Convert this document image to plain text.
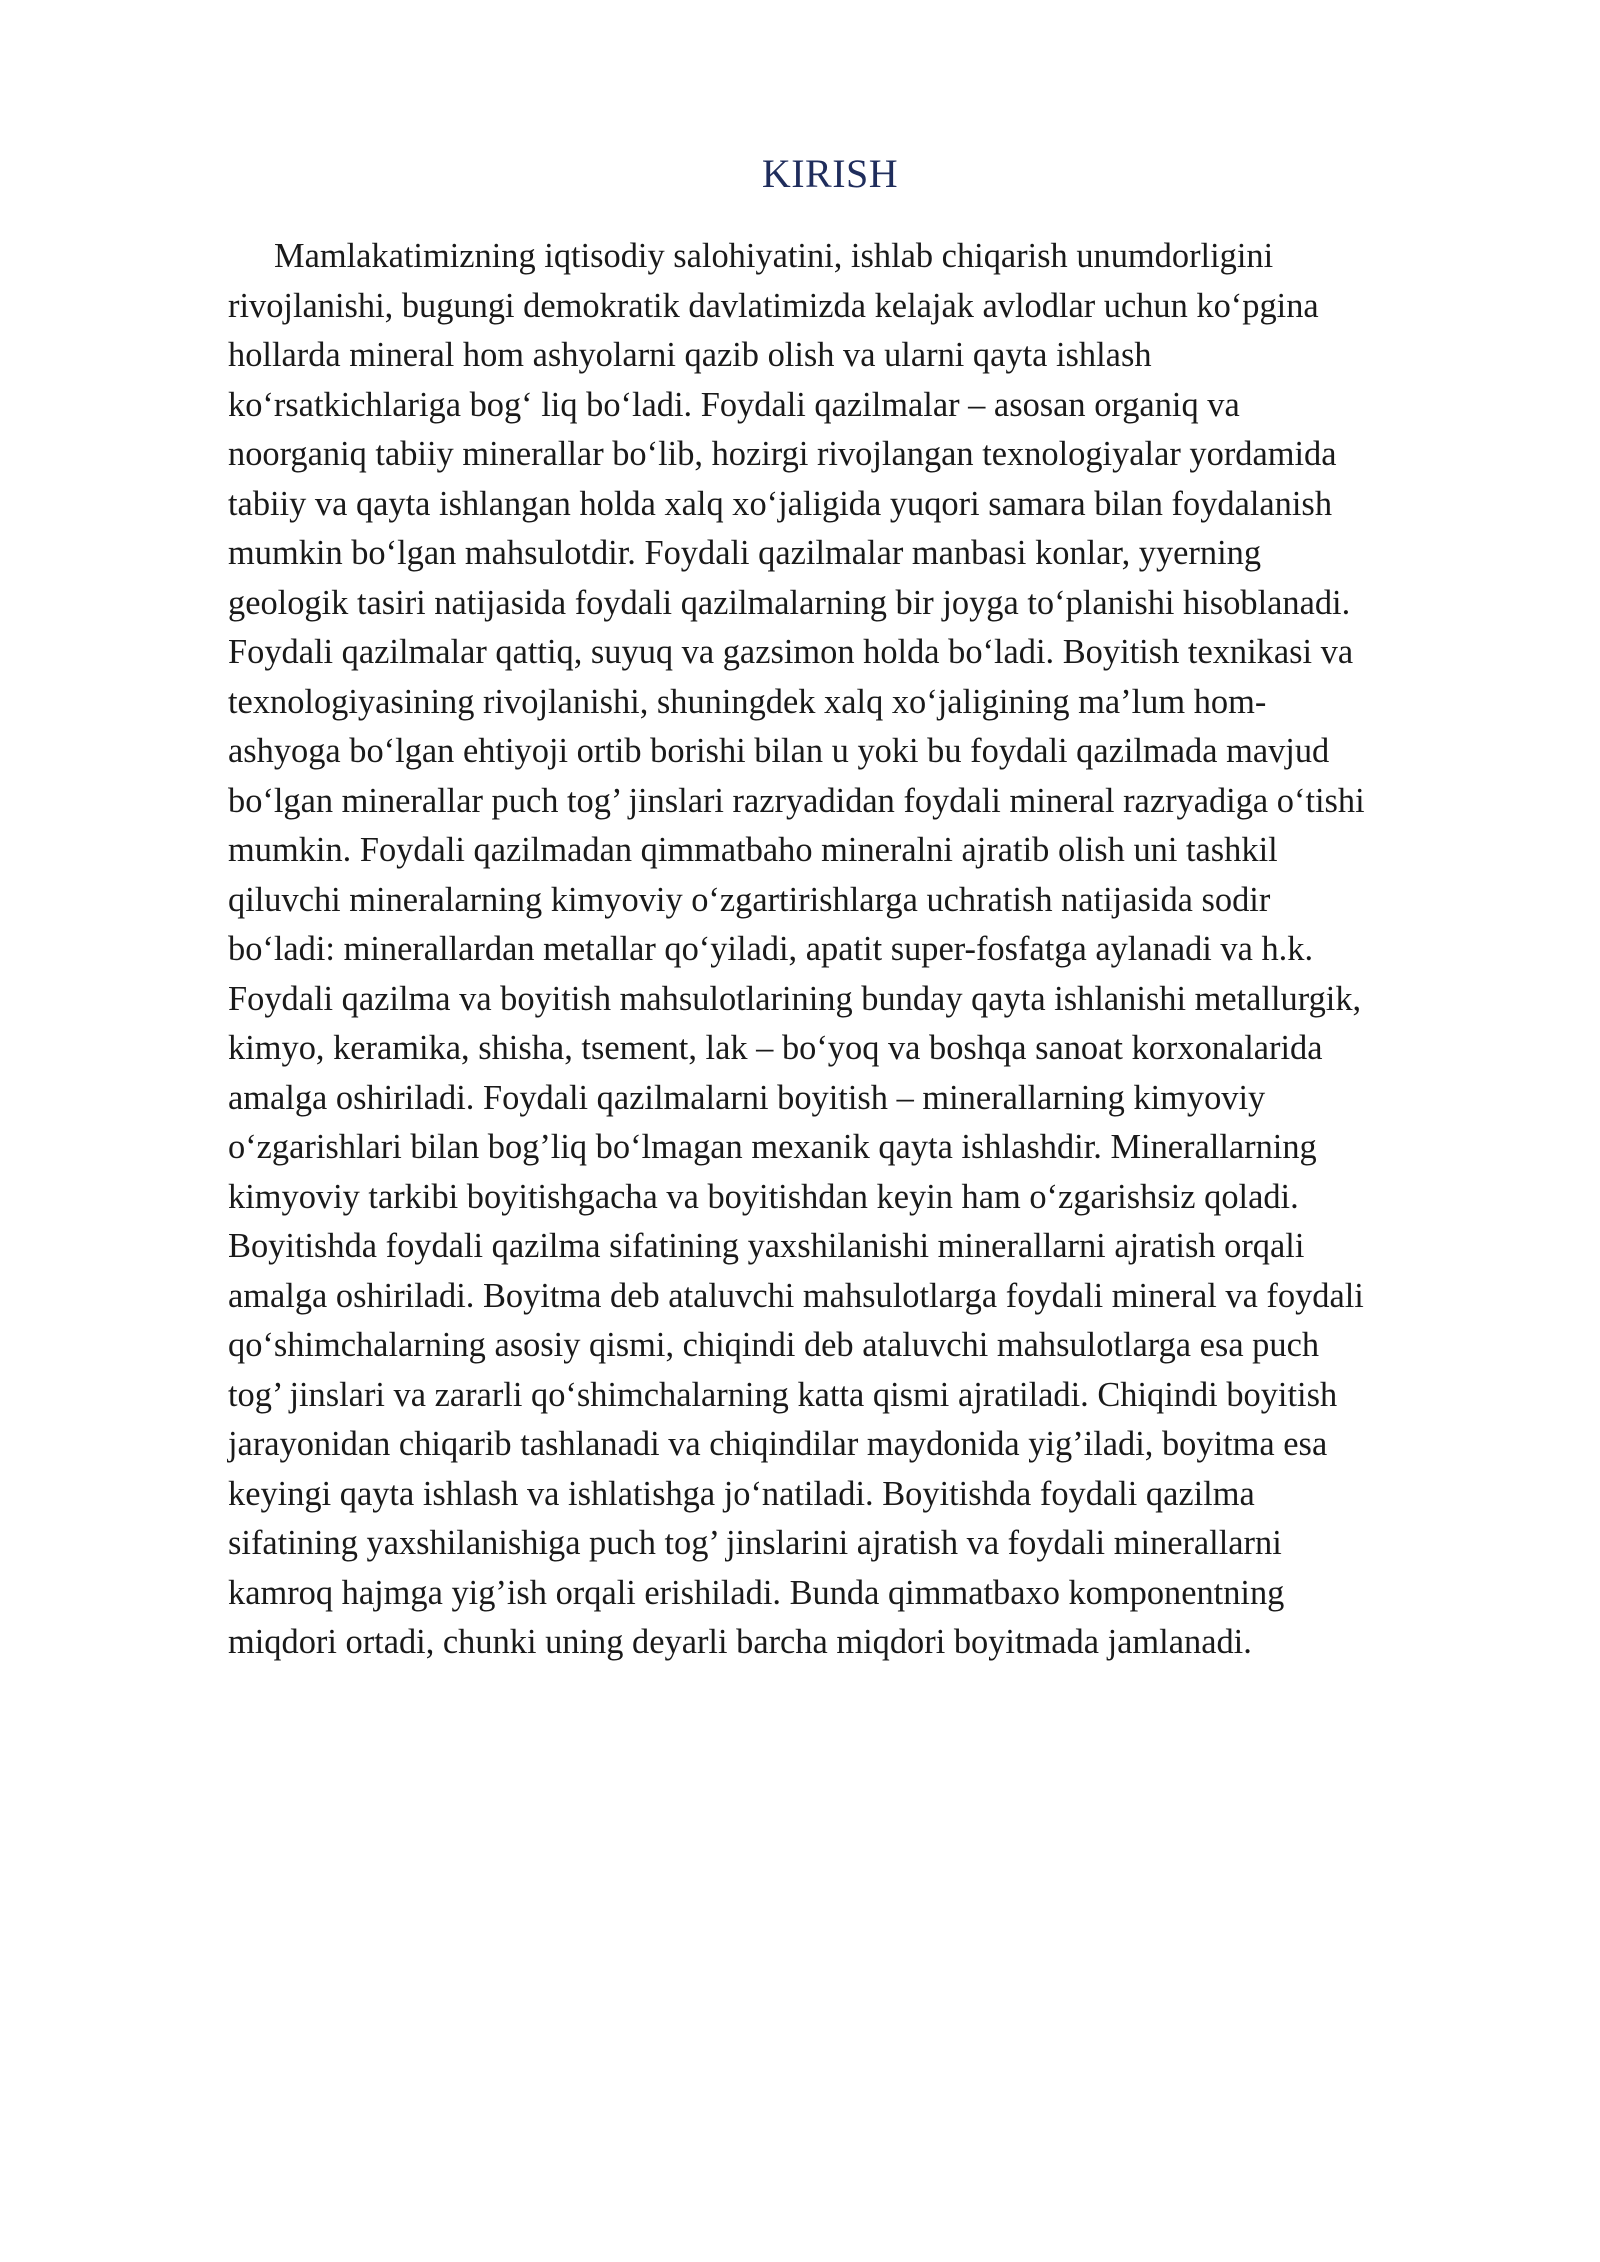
KIRISH

Mamlakatimizning iqtisodiy salohiyatini, ishlab chiqarish unumdorligini
rivojlanishi, bugungi demokratik davlatimizda kelajak avlodlar uchun ko‘pgina
hollarda mineral hom ashyolarni qazib olish va ularni qayta ishlash
ko‘rsatkichlariga bog‘ liq bo‘ladi. Foydali qazilmalar – asosan organiq va
noorganiq tabiiy minerallar bo‘lib, hozirgi rivojlangan texnologiyalar yordamida
tabiiy va qayta ishlangan holda xalq xo‘jaligida yuqori samara bilan foydalanish
mumkin bo‘lgan mahsulotdir. Foydali qazilmalar manbasi konlar, yyerning
geologik tasiri natijasida foydali qazilmalarning bir joyga to‘planishi hisoblanadi.
Foydali qazilmalar qattiq, suyuq va gazsimon holda bo‘ladi. Boyitish texnikasi va
texnologiyasining rivojlanishi, shuningdek xalq xo‘jaligining ma’lum hom-
ashyoga bo‘lgan ehtiyoji ortib borishi bilan u yoki bu foydali qazilmada mavjud
bo‘lgan minerallar puch tog’ jinslari razryadidan foydali mineral razryadiga o‘tishi
mumkin. Foydali qazilmadan qimmatbaho mineralni ajratib olish uni tashkil
qiluvchi mineralarning kimyoviy o‘zgartirishlarga uchratish natijasida sodir
bo‘ladi: minerallardan metallar qo‘yiladi, apatit super-fosfatga aylanadi va h.k.
Foydali qazilma va boyitish mahsulotlarining bunday qayta ishlanishi metallurgik,
kimyo, keramika, shisha, tsement, lak – bo‘yoq va boshqa sanoat korxonalarida
amalga oshiriladi. Foydali qazilmalarni boyitish – minerallarning kimyoviy
o‘zgarishlari bilan bog’liq bo‘lmagan mexanik qayta ishlashdir. Minerallarning
kimyoviy tarkibi boyitishgacha va boyitishdan keyin ham o‘zgarishsiz qoladi.
Boyitishda foydali qazilma sifatining yaxshilanishi minerallarni ajratish orqali
amalga oshiriladi. Boyitma deb ataluvchi mahsulotlarga foydali mineral va foydali
qo‘shimchalarning asosiy qismi, chiqindi deb ataluvchi mahsulotlarga esa puch
tog’ jinslari va zararli qo‘shimchalarning katta qismi ajratiladi. Chiqindi boyitish
jarayonidan chiqarib tashlanadi va chiqindilar maydonida yig’iladi, boyitma esa
keyingi qayta ishlash va ishlatishga jo‘natiladi. Boyitishda foydali qazilma
sifatining yaxshilanishiga puch tog’ jinslarini ajratish va foydali minerallarni
kamroq hajmga yig’ish orqali erishiladi. Bunda qimmatbaxo komponentning
miqdori ortadi, chunki uning deyarli barcha miqdori boyitmada jamlanadi.
